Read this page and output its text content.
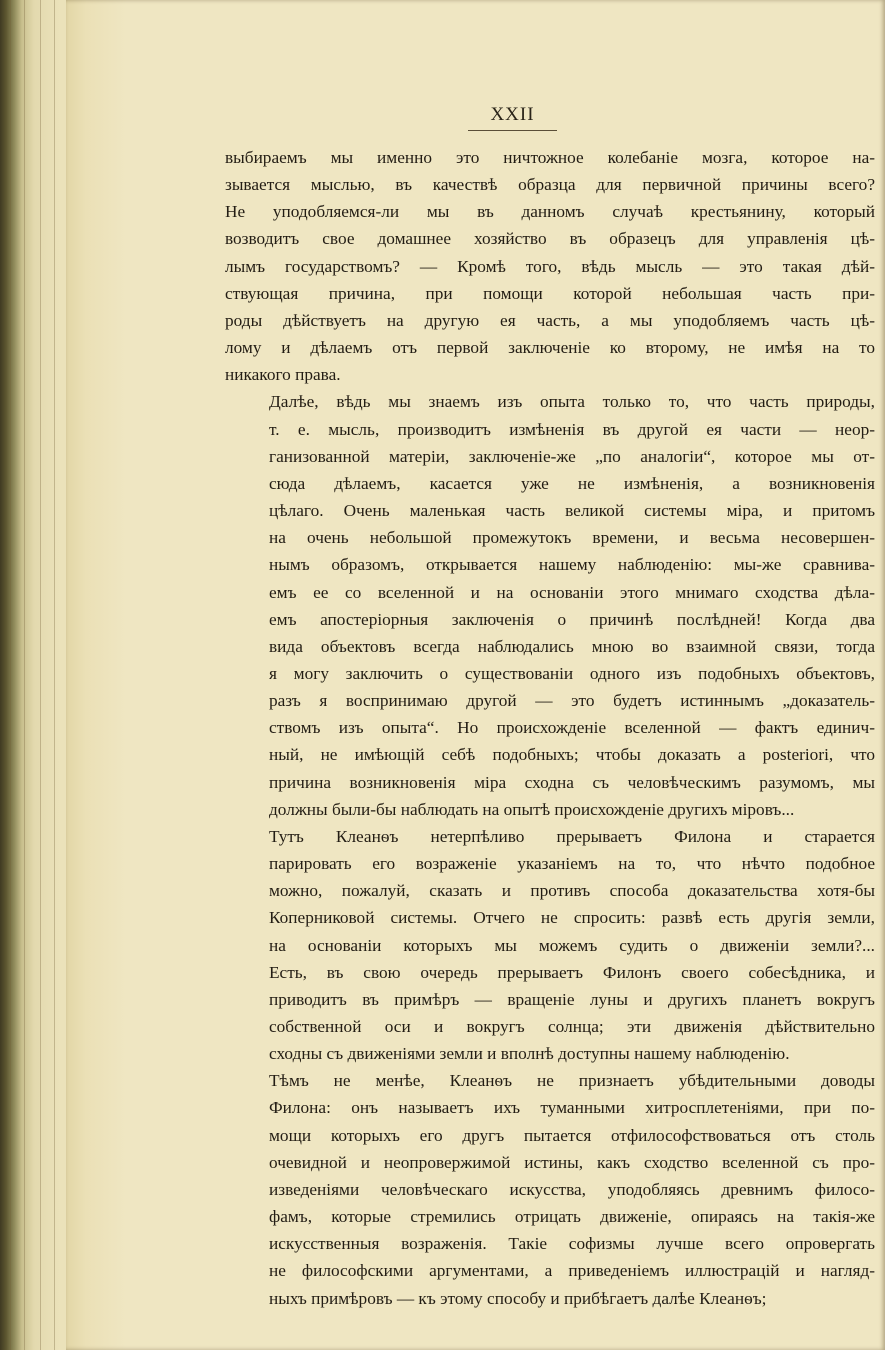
XXII

выбираемъ мы именно это ничтожное колебаніе мозга, которое на-
зывается мыслью, въ качествѣ образца для первичной причины всего?
Не уподобляемся-ли мы въ данномъ случаѣ крестьянину, который
возводитъ свое домашнее хозяйство въ образецъ для управленія цѣ-
лымъ государствомъ? — Кромѣ того, вѣдь мысль — это такая дѣй-
ствующая причина, при помощи которой небольшая часть при-
роды дѣйствуетъ на другую ея часть, а мы уподобляемъ часть цѣ-
лому и дѣлаемъ отъ первой заключеніе ко второму, не имѣя на то
никакого права.

Далѣе, вѣдь мы знаемъ изъ опыта только то, что часть природы,
т. е. мысль, производитъ измѣненія въ другой ея части — неор-
ганизованной матеріи, заключеніе-же „по аналогіи“, которое мы от-
сюда дѣлаемъ, касается уже не измѣненія, а возникновенія
цѣлаго. Очень маленькая часть великой системы міра, и притомъ
на очень небольшой промежутокъ времени, и весьма несовершен-
нымъ образомъ, открывается нашему наблюденію: мы-же сравнива-
емъ ее со вселенной и на основаніи этого мнимаго сходства дѣла-
емъ апостеріорныя заключенія о причинѣ послѣдней! Когда два
вида объектовъ всегда наблюдались мною во взаимной связи, тогда
я могу заключить о существованіи одного изъ подобныхъ объектовъ,
разъ я воспринимаю другой — это будетъ истиннымъ „доказатель-
ствомъ изъ опыта“. Но происхожденіе вселенной — фактъ единич-
ный, не имѣющій себѣ подобныхъ; чтобы доказать a posteriori, что
причина возникновенія міра сходна съ человѣческимъ разумомъ, мы
должны были-бы наблюдать на опытѣ происхожденіе другихъ міровъ...

Тутъ Клеанѳъ нетерпѣливо прерываетъ Филона и старается
парировать его возраженіе указаніемъ на то, что нѣчто подобное
можно, пожалуй, сказать и противъ способа доказательства хотя-бы
Коперниковой системы. Отчего не спросить: развѣ есть другія земли,
на основаніи которыхъ мы можемъ судить о движеніи земли?...
Есть, въ свою очередь прерываетъ Филонъ своего собесѣдника, и
приводитъ въ примѣръ — вращеніе луны и другихъ планетъ вокругъ
собственной оси и вокругъ солнца; эти движенія дѣйствительно
сходны съ движеніями земли и вполнѣ доступны нашему наблюденію.

Тѣмъ не менѣе, Клеанѳъ не признаетъ убѣдительными доводы
Филона: онъ называетъ ихъ туманными хитросплетеніями, при по-
мощи которыхъ его другъ пытается отфилософствоваться отъ столь
очевидной и неопровержимой истины, какъ сходство вселенной съ про-
изведеніями человѣческаго искусства, уподобляясь древнимъ филосо-
фамъ, которые стремились отрицать движеніе, опираясь на такія-же
искусственныя возраженія. Такіе софизмы лучше всего опровергать
не философскими аргументами, а приведеніемъ иллюстрацій и нагляд-
ныхъ примѣровъ — къ этому способу и прибѣгаетъ далѣе Клеанѳъ;
